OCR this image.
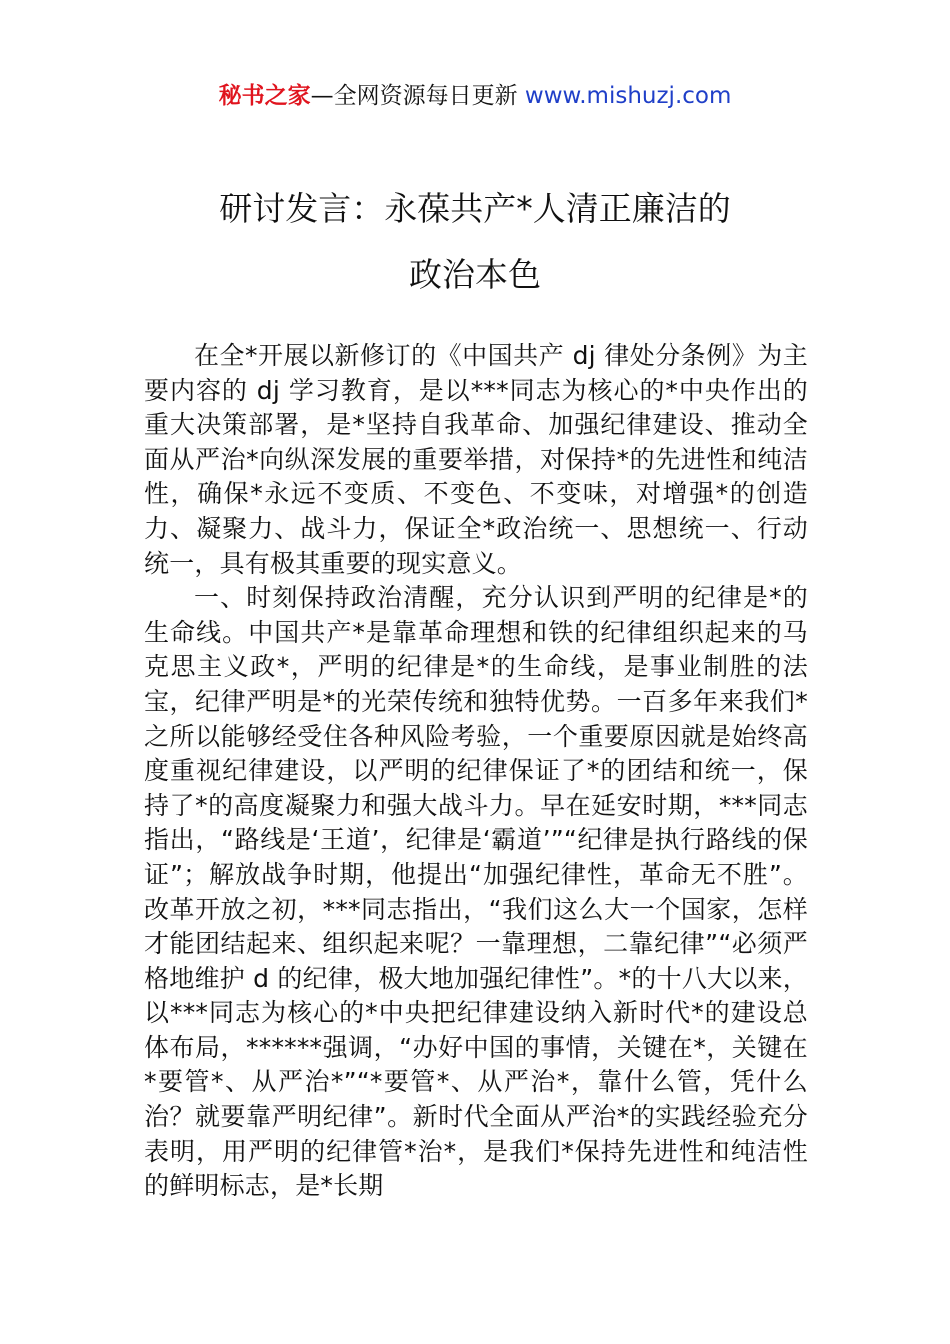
秘书之家—全网资源每日更新 www.mishuzj.com
研讨发言：永葆共产*人清正廉洁的
政治本色

在全*开展以新修订的《中国共产 dj 律处分条例》为主要内容的 dj 学习教育，是以***同志为核心的*中央作出的重大决策部署，是*坚持自我革命、加强纪律建设、推动全面从严治*向纵深发展的重要举措，对保持*的先进性和纯洁性，确保*永远不变质、不变色、不变味，对增强*的创造力、凝聚力、战斗力，保证全*政治统一、思想统一、行动统一，具有极其重要的现实意义。

一、时刻保持政治清醒，充分认识到严明的纪律是*的生命线。中国共产*是靠革命理想和铁的纪律组织起来的马克思主义政*，严明的纪律是*的生命线，是事业制胜的法宝，纪律严明是*的光荣传统和独特优势。一百多年来我们*之所以能够经受住各种风险考验，一个重要原因就是始终高度重视纪律建设，以严明的纪律保证了*的团结和统一，保持了*的高度凝聚力和强大战斗力。早在延安时期，***同志指出，“路线是‘王道’，纪律是‘霸道’”“纪律是执行路线的保证”；解放战争时期，他提出“加强纪律性，革命无不胜”。改革开放之初，***同志指出，“我们这么大一个国家，怎样才能团结起来、组织起来呢？一靠理想，二靠纪律”“必须严格地维护 d 的纪律，极大地加强纪律性”。*的十八大以来，以***同志为核心的*中央把纪律建设纳入新时代*的建设总体布局，******强调，“办好中国的事情，关键在*，关键在*要管*、从严治*”“*要管*、从严治*，靠什么管，凭什么治？就要靠严明纪律”。新时代全面从严治*的实践经验充分表明，用严明的纪律管*治*，是我们*保持先进性和纯洁性的鲜明标志，是*长期
